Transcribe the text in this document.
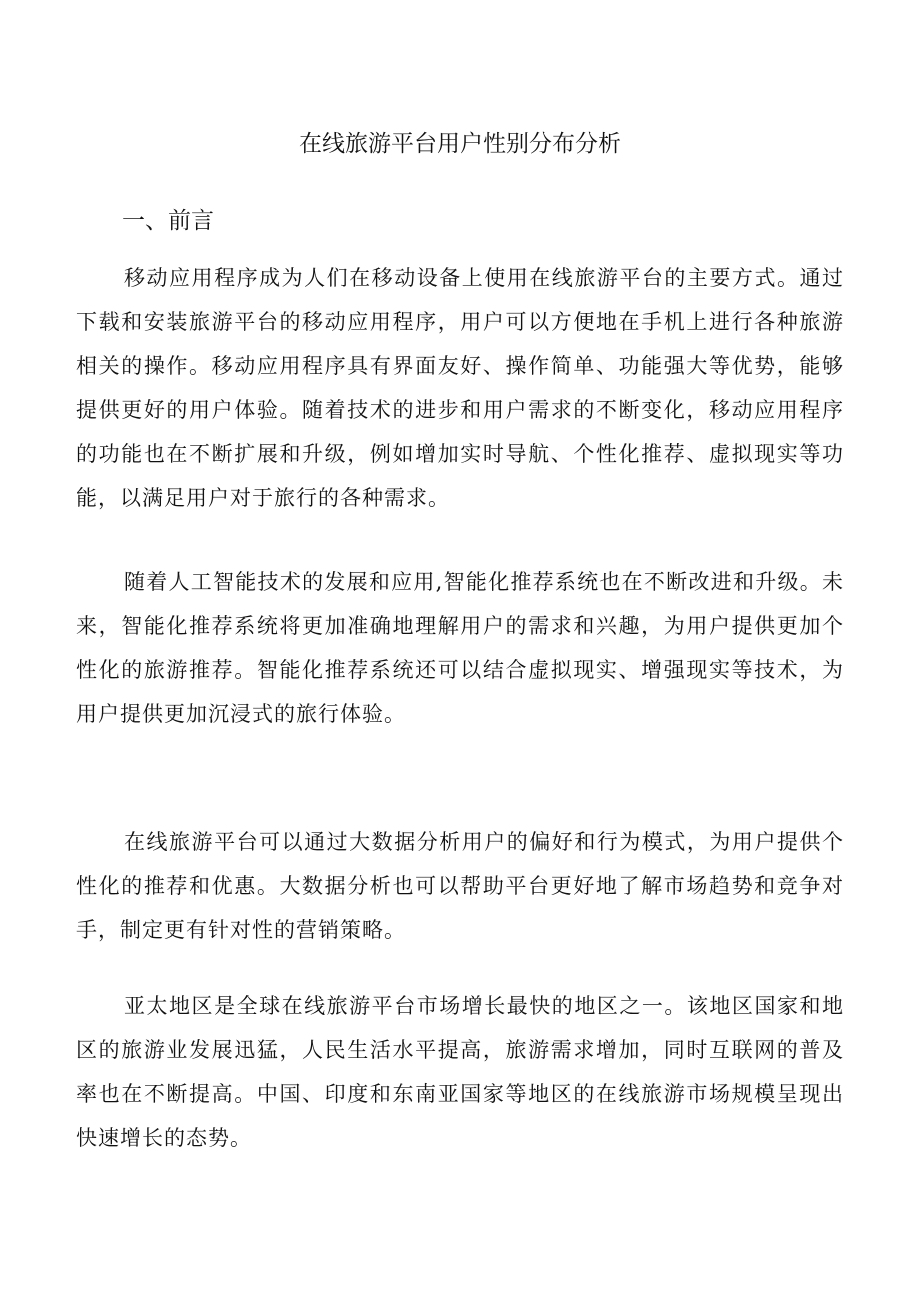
在线旅游平台用户性别分布分析
一、前言

移动应用程序成为人们在移动设备上使用在线旅游平台的主要方式。通过下载和安装旅游平台的移动应用程序，用户可以方便地在手机上进行各种旅游相关的操作。移动应用程序具有界面友好、操作简单、功能强大等优势，能够提供更好的用户体验。随着技术的进步和用户需求的不断变化，移动应用程序的功能也在不断扩展和升级，例如增加实时导航、个性化推荐、虚拟现实等功能，以满足用户对于旅行的各种需求。

随着人工智能技术的发展和应用,智能化推荐系统也在不断改进和升级。未来，智能化推荐系统将更加准确地理解用户的需求和兴趣，为用户提供更加个性化的旅游推荐。智能化推荐系统还可以结合虚拟现实、增强现实等技术，为用户提供更加沉浸式的旅行体验。

在线旅游平台可以通过大数据分析用户的偏好和行为模式，为用户提供个性化的推荐和优惠。大数据分析也可以帮助平台更好地了解市场趋势和竞争对手，制定更有针对性的营销策略。

亚太地区是全球在线旅游平台市场增长最快的地区之一。该地区国家和地区的旅游业发展迅猛，人民生活水平提高，旅游需求增加，同时互联网的普及率也在不断提高。中国、印度和东南亚国家等地区的在线旅游市场规模呈现出快速增长的态势。
